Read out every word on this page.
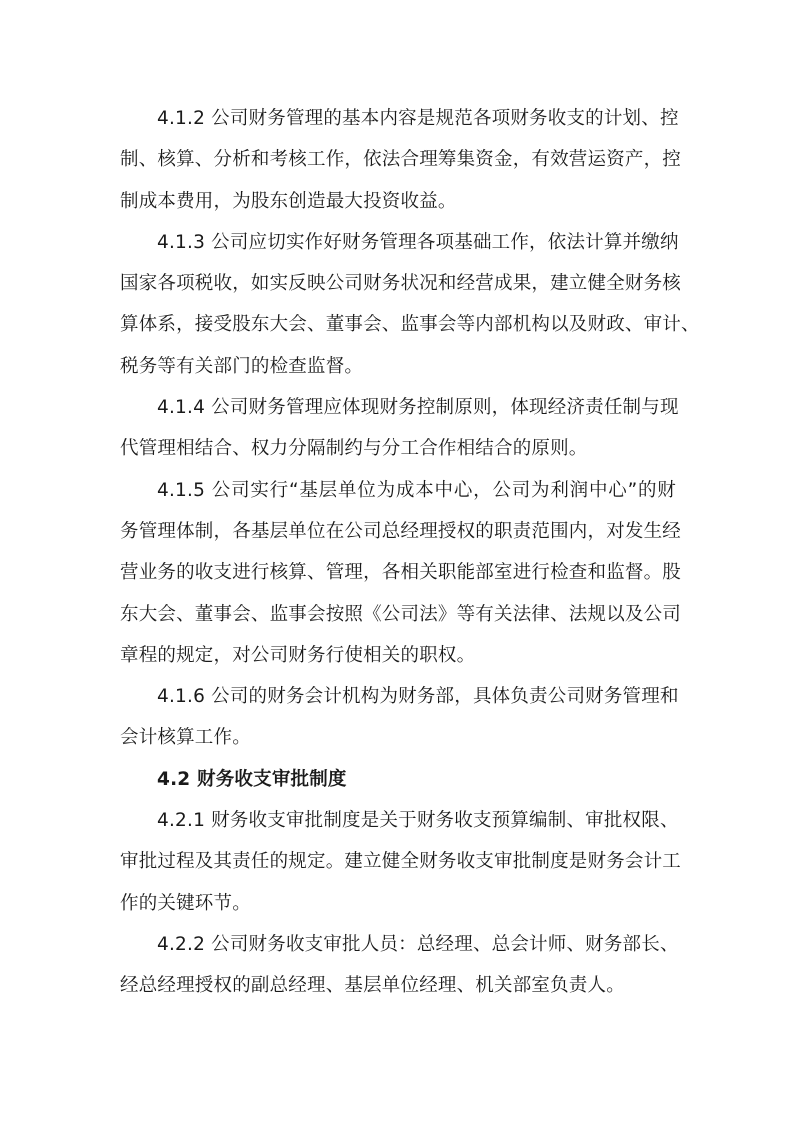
4.1.2 公司财务管理的基本内容是规范各项财务收支的计划、控
制、核算、分析和考核工作，依法合理筹集资金，有效营运资产，控
制成本费用，为股东创造最大投资收益。
4.1.3 公司应切实作好财务管理各项基础工作，依法计算并缴纳
国家各项税收，如实反映公司财务状况和经营成果，建立健全财务核
算体系，接受股东大会、董事会、监事会等内部机构以及财政、审计、
税务等有关部门的检查监督。
4.1.4 公司财务管理应体现财务控制原则，体现经济责任制与现
代管理相结合、权力分隔制约与分工合作相结合的原则。
4.1.5 公司实行“基层单位为成本中心，公司为利润中心”的财
务管理体制，各基层单位在公司总经理授权的职责范围内，对发生经
营业务的收支进行核算、管理，各相关职能部室进行检查和监督。股
东大会、董事会、监事会按照《公司法》等有关法律、法规以及公司
章程的规定，对公司财务行使相关的职权。
4.1.6 公司的财务会计机构为财务部，具体负责公司财务管理和
会计核算工作。
4.2 财务收支审批制度
4.2.1 财务收支审批制度是关于财务收支预算编制、审批权限、
审批过程及其责任的规定。建立健全财务收支审批制度是财务会计工
作的关键环节。
4.2.2 公司财务收支审批人员：总经理、总会计师、财务部长、
经总经理授权的副总经理、基层单位经理、机关部室负责人。
